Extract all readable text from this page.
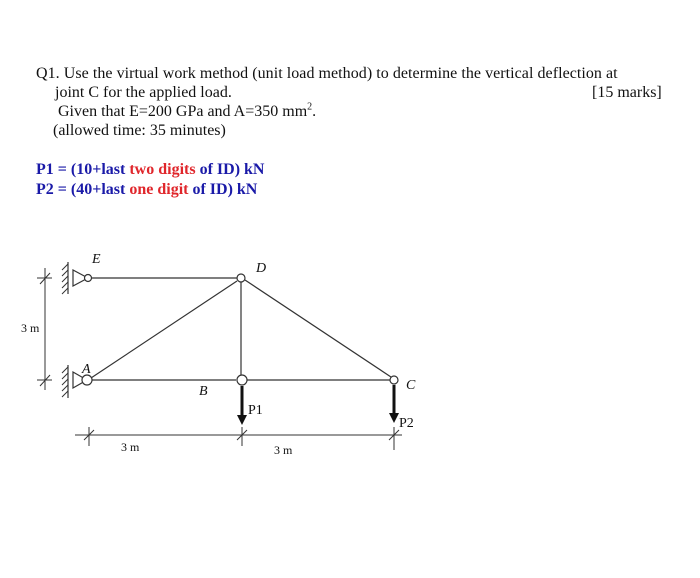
Q1. Use the virtual work method (unit load method) to determine the vertical deflection at
joint C for the applied load.	[15 marks]
Given that E=200 GPa and A=350 $mm^2$.
(allowed time: 35 minutes)
P1 = (10+last two digits of ID) kN
P2 = (40+last one digit of ID) kN
3 m
3 m	3 m
E
D
A
B	C
P1
P2
